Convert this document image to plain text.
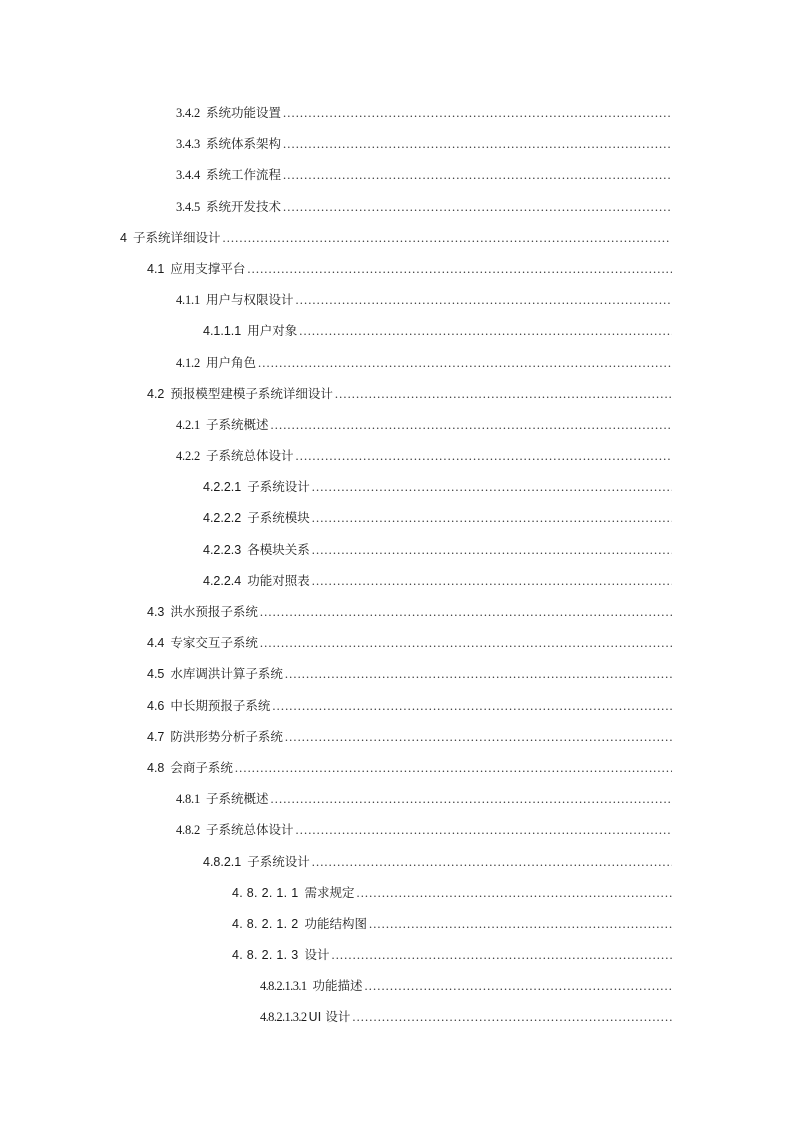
3.4.2 系统功能设置
.....
3.4.3 系统体系架构
.....
3.4.4 系统工作流程
.....
3.4.5 系统开发技术
.....
4 子系统详细设计
.....
4.1 应用支撑平台
.....
4.1.1 用户与权限设计
.....
4.1.1.1 用户对象
.....
4.1.2 用户角色
.....
4.2 预报模型建模子系统详细设计
.....
4.2.1 子系统概述
.....
4.2.2 子系统总体设计
.....
4.2.2.1 子系统设计
.....
4.2.2.2 子系统模块
.....
4.2.2.3 各模块关系
.....
4.2.2.4 功能对照表
.....
4.3 洪水预报子系统
.....
4.4 专家交互子系统
.....
4.5 水库调洪计算子系统
.....
4.6 中长期预报子系统
.....
4.7 防洪形势分析子系统
.....
4.8 会商子系统
.....
4.8.1 子系统概述
.....
4.8.2 子系统总体设计
.....
4.8.2.1 子系统设计
.....
4. 8. 2. 1. 1 需求规定
.....
4. 8. 2. 1. 2 功能结构图
.....
4. 8. 2. 1. 3 设计
.....
4.8.2.1.3.1 功能描述
.....
4.8.2.1.3.2 UI 设计
.....
